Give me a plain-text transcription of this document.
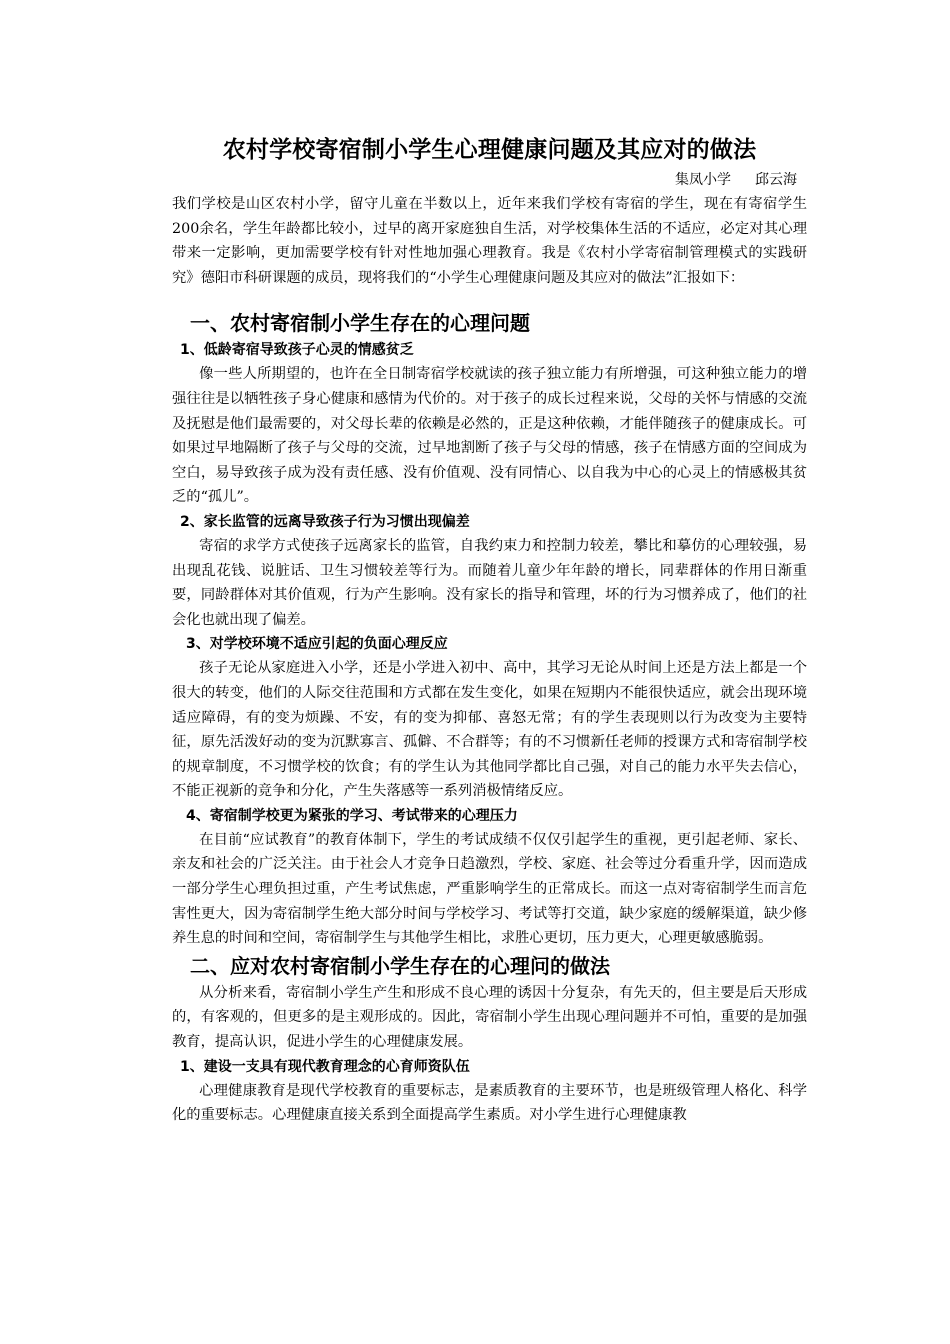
农村学校寄宿制小学生心理健康问题及其应对的做法
集凤小学 邱云海

我们学校是山区农村小学，留守儿童在半数以上，近年来我们学校有寄宿的学生，现在有寄宿学生200余名，学生年龄都比较小，过早的离开家庭独自生活，对学校集体生活的不适应，必定对其心理带来一定影响，更加需要学校有针对性地加强心理教育。我是《农村小学寄宿制管理模式的实践研究》德阳市科研课题的成员，现将我们的“小学生心理健康问题及其应对的做法”汇报如下：

一、农村寄宿制小学生存在的心理问题
1、低龄寄宿导致孩子心灵的情感贫乏

像一些人所期望的，也许在全日制寄宿学校就读的孩子独立能力有所增强，可这种独立能力的增强往往是以牺牲孩子身心健康和感情为代价的。对于孩子的成长过程来说，父母的关怀与情感的交流及抚慰是他们最需要的，对父母长辈的依赖是必然的，正是这种依赖，才能伴随孩子的健康成长。可如果过早地隔断了孩子与父母的交流，过早地割断了孩子与父母的情感，孩子在情感方面的空间成为空白，易导致孩子成为没有责任感、没有价值观、没有同情心、以自我为中心的心灵上的情感极其贫乏的“孤儿”。

2、家长监管的远离导致孩子行为习惯出现偏差

寄宿的求学方式使孩子远离家长的监管，自我约束力和控制力较差，攀比和摹仿的心理较强，易出现乱花钱、说脏话、卫生习惯较差等行为。而随着儿童少年年龄的增长，同辈群体的作用日渐重要，同龄群体对其价值观，行为产生影响。没有家长的指导和管理，坏的行为习惯养成了，他们的社会化也就出现了偏差。

3、对学校环境不适应引起的负面心理反应

孩子无论从家庭进入小学，还是小学进入初中、高中，其学习无论从时间上还是方法上都是一个很大的转变，他们的人际交往范围和方式都在发生变化，如果在短期内不能很快适应，就会出现环境适应障碍，有的变为烦躁、不安，有的变为抑郁、喜怒无常；有的学生表现则以行为改变为主要特征，原先活泼好动的变为沉默寡言、孤僻、不合群等；有的不习惯新任老师的授课方式和寄宿制学校的规章制度，不习惯学校的饮食；有的学生认为其他同学都比自己强，对自己的能力水平失去信心，不能正视新的竞争和分化，产生失落感等一系列消极情绪反应。

4、寄宿制学校更为紧张的学习、考试带来的心理压力

在目前“应试教育”的教育体制下，学生的考试成绩不仅仅引起学生的重视，更引起老师、家长、亲友和社会的广泛关注。由于社会人才竞争日趋激烈，学校、家庭、社会等过分看重升学，因而造成一部分学生心理负担过重，产生考试焦虑，严重影响学生的正常成长。而这一点对寄宿制学生而言危害性更大，因为寄宿制学生绝大部分时间与学校学习、考试等打交道，缺少家庭的缓解渠道，缺少修养生息的时间和空间，寄宿制学生与其他学生相比，求胜心更切，压力更大，心理更敏感脆弱。

二、应对农村寄宿制小学生存在的心理问的做法

从分析来看，寄宿制小学生产生和形成不良心理的诱因十分复杂，有先天的，但主要是后天形成的，有客观的，但更多的是主观形成的。因此，寄宿制小学生出现心理问题并不可怕，重要的是加强教育，提高认识，促进小学生的心理健康发展。

1、建设一支具有现代教育理念的心育师资队伍

心理健康教育是现代学校教育的重要标志，是素质教育的主要环节，也是班级管理人格化、科学化的重要标志。心理健康直接关系到全面提高学生素质。对小学生进行心理健康教
